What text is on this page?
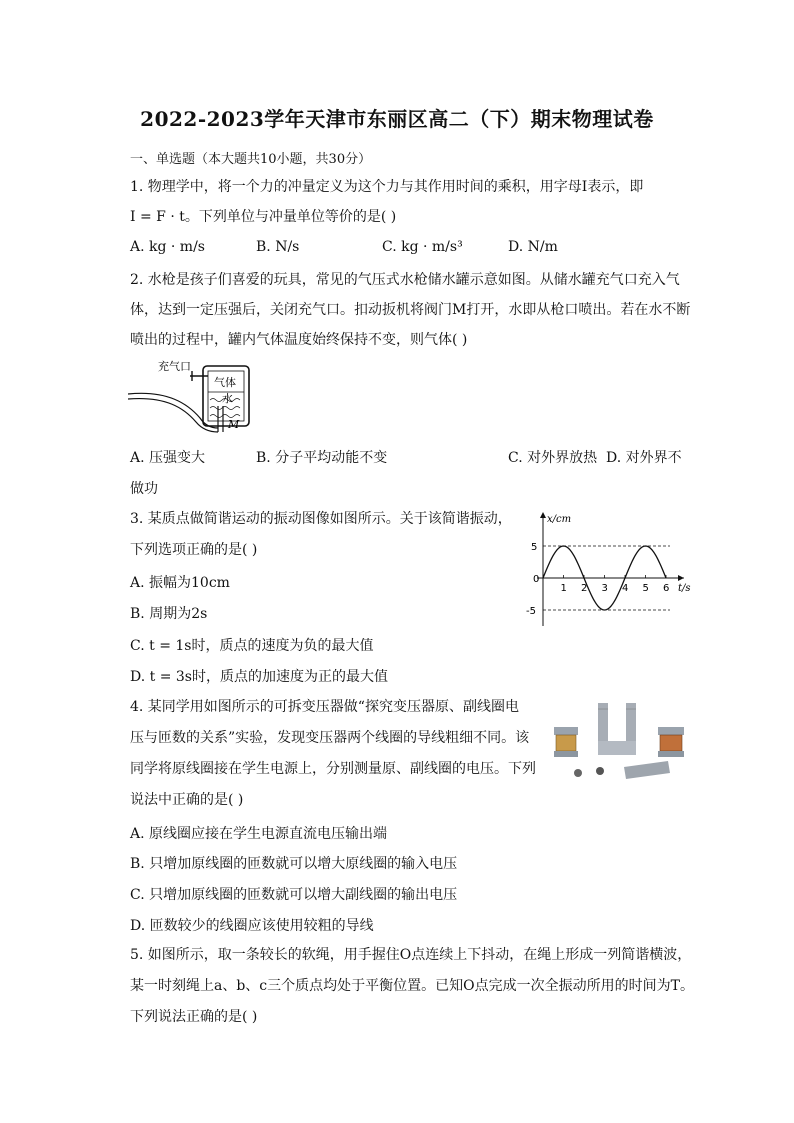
2022-2023学年天津市东丽区高二（下）期末物理试卷
一、单选题（本大题共10小题，共30分）
1. 物理学中，将一个力的冲量定义为这个力与其作用时间的乘积，用字母I表示，即
I = F · t。下列单位与冲量单位等价的是( )
A. kg · m/s	B. N/s	C. kg · m/s³	D. N/m
2. 水枪是孩子们喜爱的玩具，常见的气压式水枪储水罐示意如图。从储水罐充气口充入气
体，达到一定压强后，关闭充气口。扣动扳机将阀门M打开，水即从枪口喷出。若在水不断
喷出的过程中，罐内气体温度始终保持不变，则气体( )
充气口
气体
水
M
A. 压强变大	B. 分子平均动能不变	C. 对外界放热 D. 对外界不
做功
3. 某质点做简谐运动的振动图像如图所示。关于该简谐振动，
下列选项正确的是( )
A. 振幅为10cm
B. 周期为2s
C. t = 1s时，质点的速度为负的最大值
D. t = 3s时，质点的加速度为正的最大值
0
1 2 3 4 5 6
5
-5
t/s
x/cm
4. 某同学用如图所示的可拆变压器做“探究变压器原、副线圈电
压与匝数的关系”实验，发现变压器两个线圈的导线粗细不同。该
同学将原线圈接在学生电源上，分别测量原、副线圈的电压。下列
说法中正确的是( )
A. 原线圈应接在学生电源直流电压输出端
B. 只增加原线圈的匝数就可以增大原线圈的输入电压
C. 只增加原线圈的匝数就可以增大副线圈的输出电压
D. 匝数较少的线圈应该使用较粗的导线
5. 如图所示，取一条较长的软绳，用手握住O点连续上下抖动，在绳上形成一列简谐横波，
某一时刻绳上a、b、c三个质点均处于平衡位置。已知O点完成一次全振动所用的时间为T。
下列说法正确的是( )
